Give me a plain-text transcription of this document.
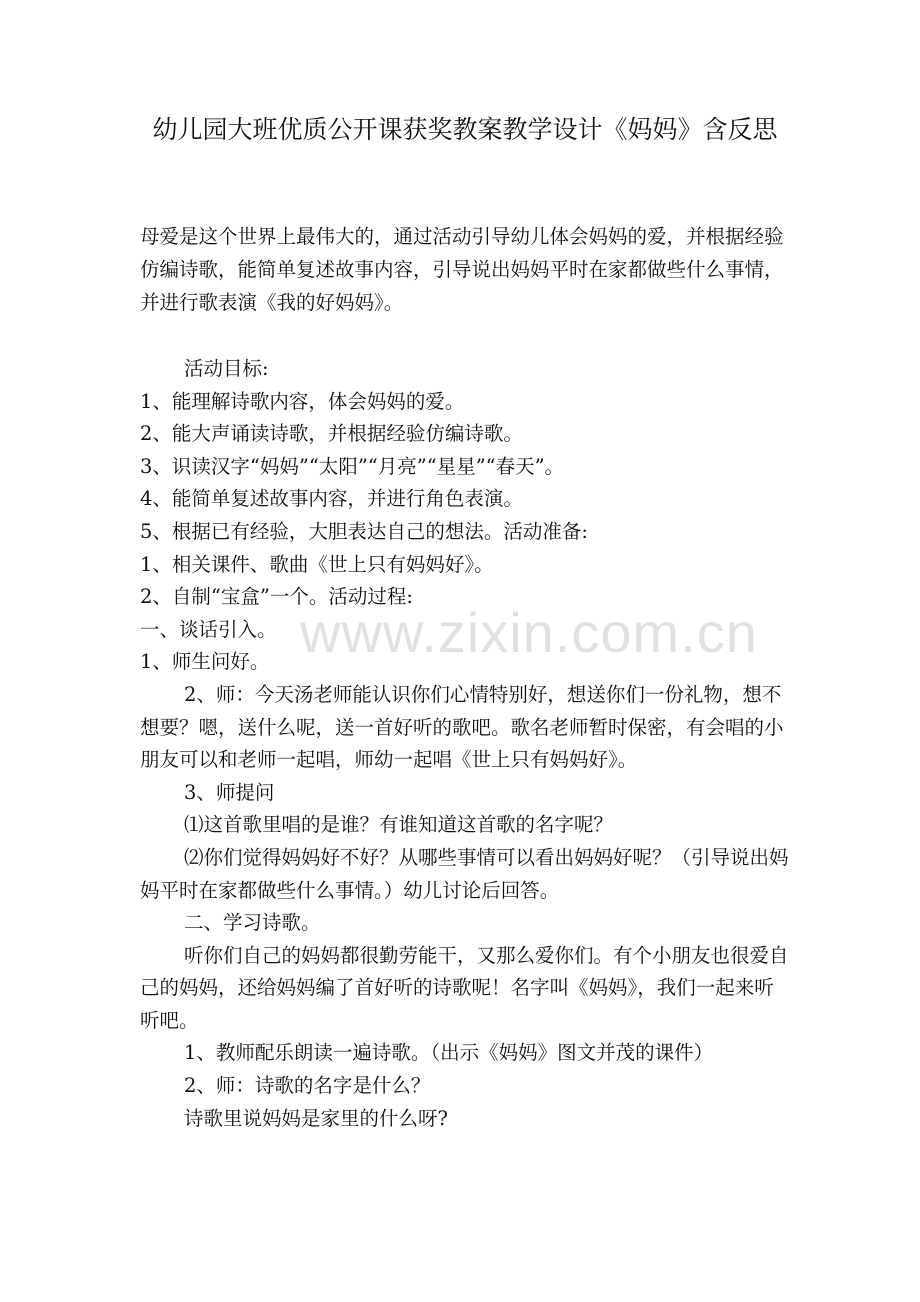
幼儿园大班优质公开课获奖教案教学设计《妈妈》含反思

母爱是这个世界上最伟大的，通过活动引导幼儿体会妈妈的爱，并根据经验仿编诗歌，能简单复述故事内容，引导说出妈妈平时在家都做些什么事情，并进行歌表演《我的好妈妈》。

活动目标:

1、能理解诗歌内容，体会妈妈的爱。

2、能大声诵读诗歌，并根据经验仿编诗歌。

3、识读汉字“妈妈”“太阳”“月亮”“星星”“春天”。

4、能简单复述故事内容，并进行角色表演。

5、根据已有经验，大胆表达自己的想法。活动准备:

1、相关课件、歌曲《世上只有妈妈好》。

2、自制“宝盒”一个。活动过程:

一、谈话引入。

1、师生问好。

2、师：今天汤老师能认识你们心情特别好，想送你们一份礼物，想不想要？嗯，送什么呢，送一首好听的歌吧。歌名老师暂时保密，有会唱的小朋友可以和老师一起唱，师幼一起唱《世上只有妈妈好》。

3、师提问

⑴这首歌里唱的是谁？有谁知道这首歌的名字呢？

⑵你们觉得妈妈好不好？从哪些事情可以看出妈妈好呢？（引导说出妈妈平时在家都做些什么事情。）幼儿讨论后回答。

二、学习诗歌。

听你们自己的妈妈都很勤劳能干，又那么爱你们。有个小朋友也很爱自己的妈妈，还给妈妈编了首好听的诗歌呢！名字叫《妈妈》，我们一起来听听吧。

1、教师配乐朗读一遍诗歌。（出示《妈妈》图文并茂的课件）

2、师：诗歌的名字是什么？

诗歌里说妈妈是家里的什么呀?

www.zixin.com.cn
